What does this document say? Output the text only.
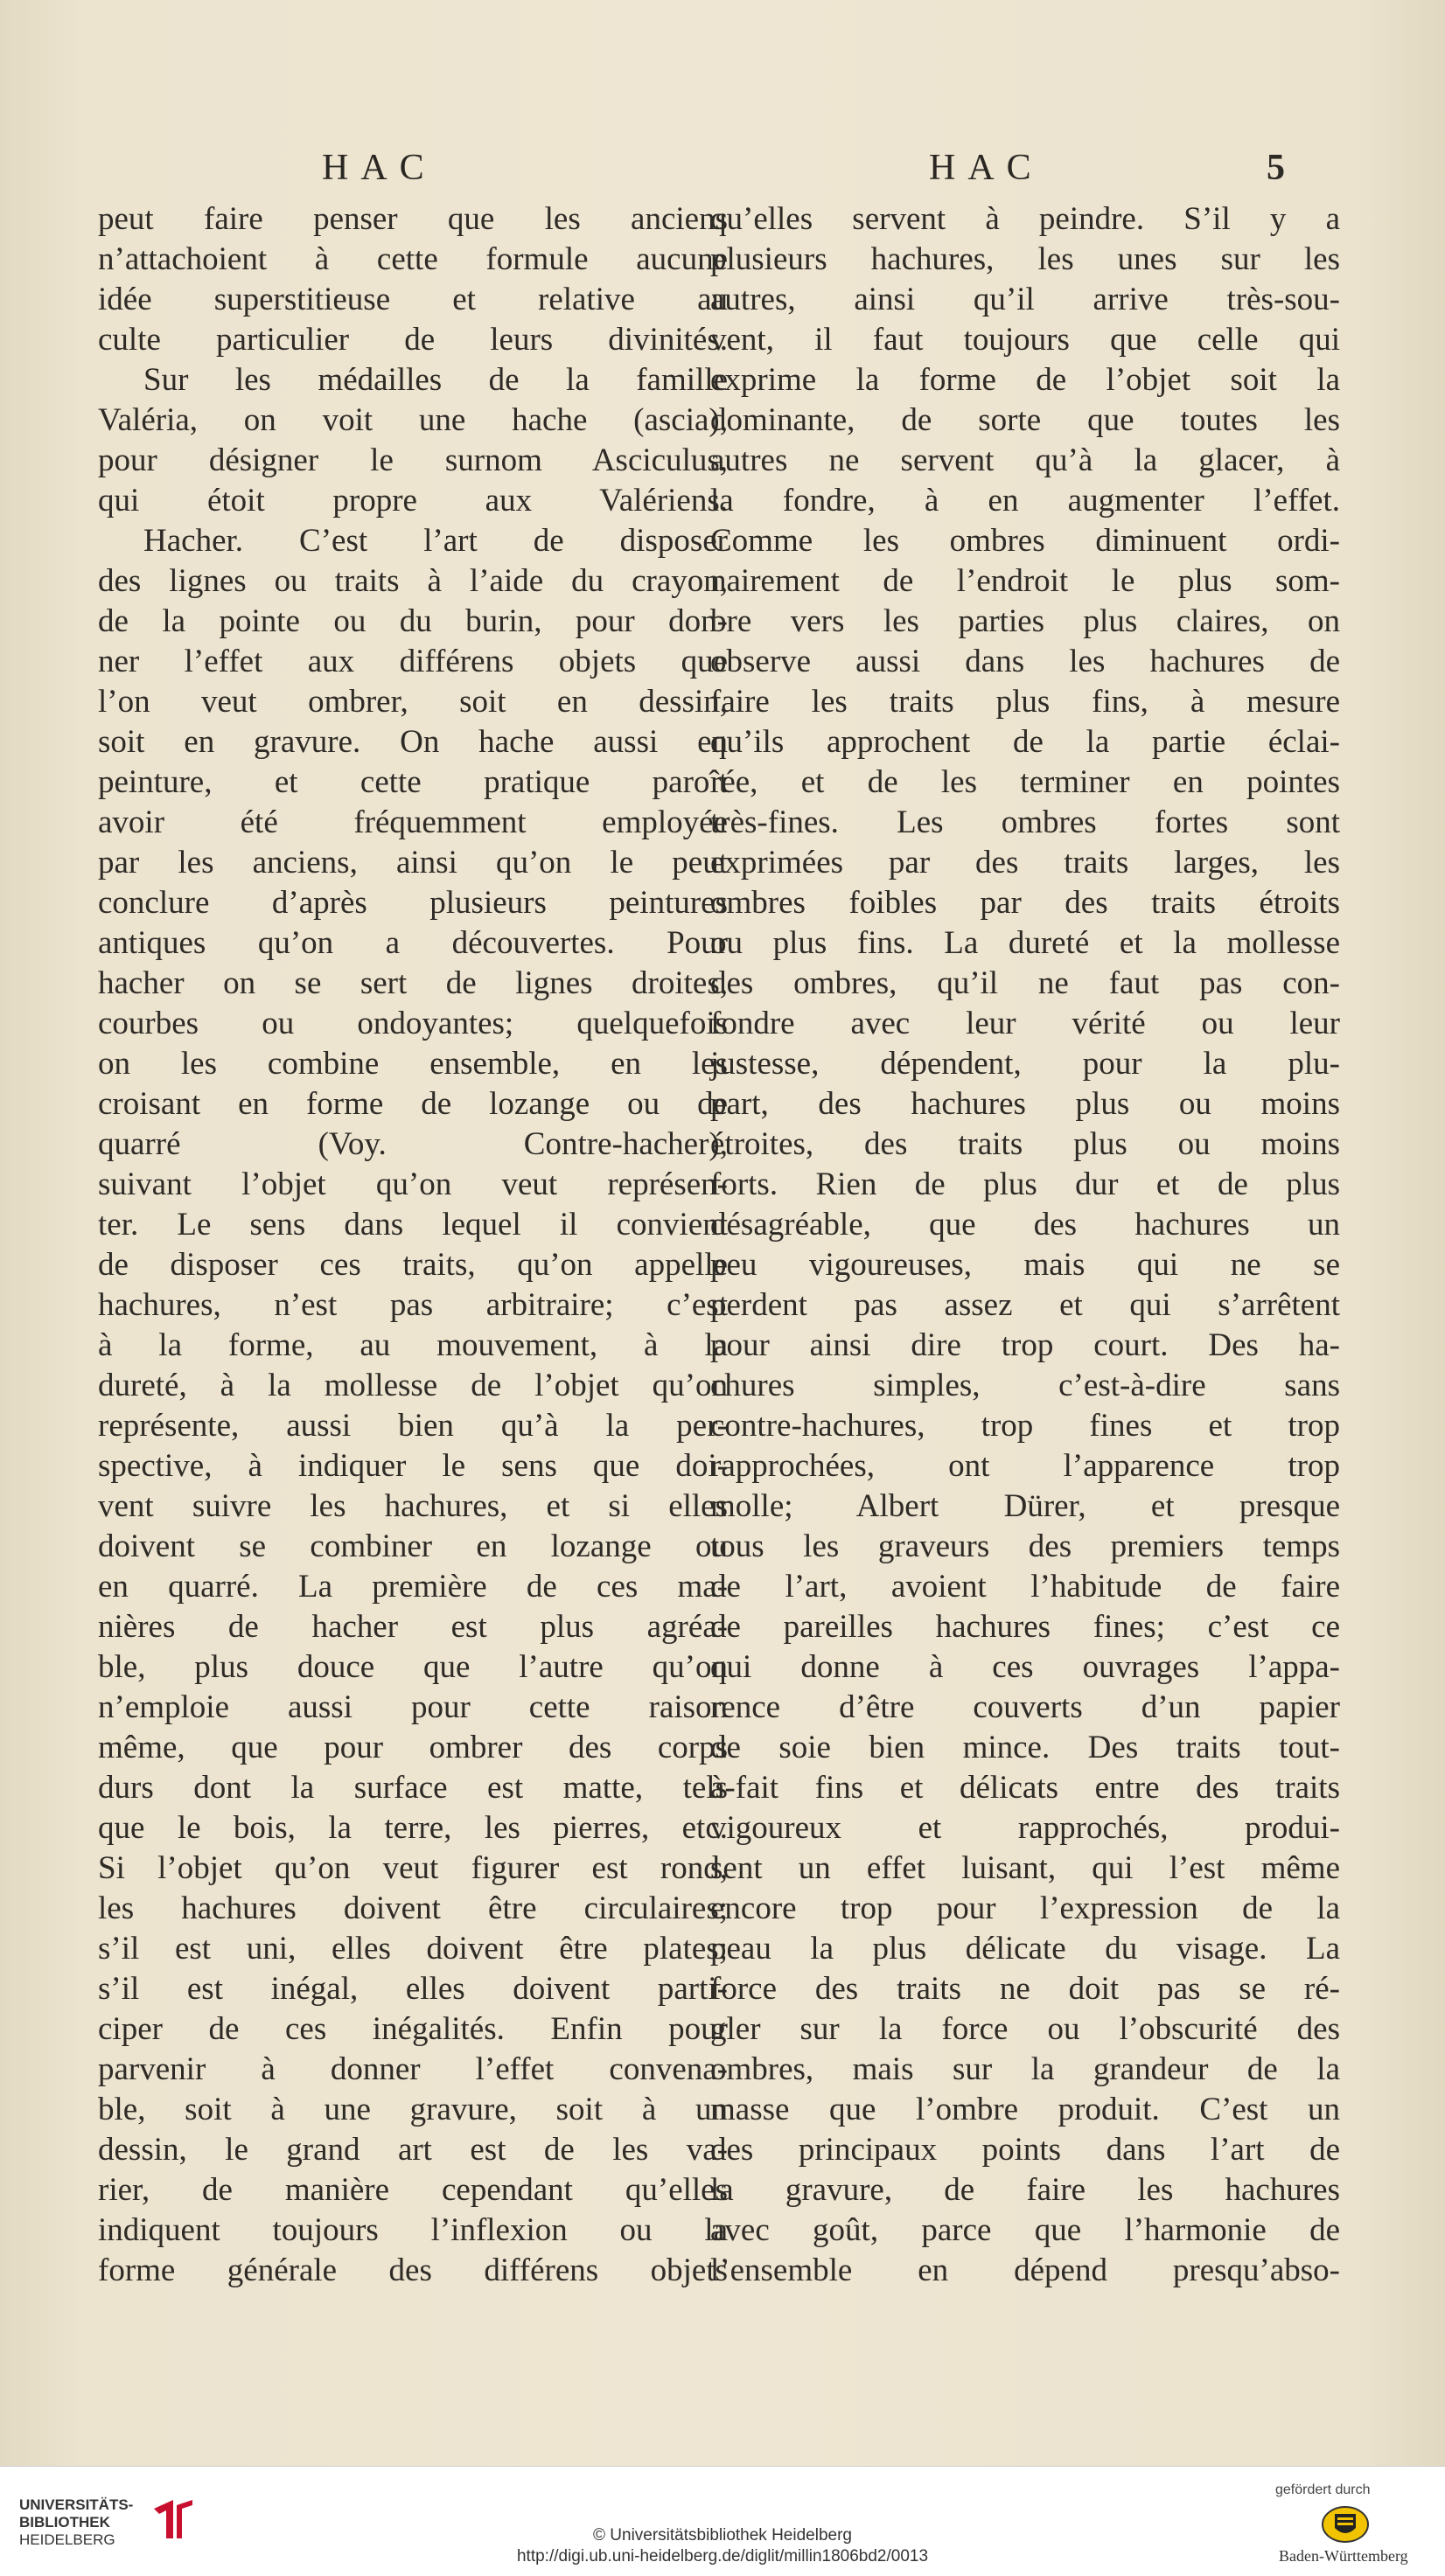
HAC	HAC	5

peut faire penser que les anciens

n’attachoient à cette formule aucune

idée superstitieuse et relative au

culte particulier de leurs divinités.

Sur les médailles de la famille

Valéria, on voit une hache (ascia),

pour désigner le surnom Asciculus,

qui étoit propre aux Valériens.

Hacher. C’est l’art de disposer

des lignes ou traits à l’aide du crayon,

de la pointe ou du burin, pour don-

ner l’effet aux différens objets que

l’on veut ombrer, soit en dessin,

soit en gravure. On hache aussi en

peinture, et cette pratique paroît

avoir été fréquemment employée

par les anciens, ainsi qu’on le peut

conclure d’après plusieurs peintures

antiques qu’on a découvertes. Pour

hacher on se sert de lignes droites,

courbes ou ondoyantes; quelquefois

on les combine ensemble, en les

croisant en forme de lozange ou de

quarré (Voy. Contre-hacher),

suivant l’objet qu’on veut représen-

ter. Le sens dans lequel il convient

de disposer ces traits, qu’on appelle

hachures, n’est pas arbitraire; c’est

à la forme, au mouvement, à la

dureté, à la mollesse de l’objet qu’on

représente, aussi bien qu’à la per-

spective, à indiquer le sens que doi-

vent suivre les hachures, et si elles

doivent se combiner en lozange ou

en quarré. La première de ces ma-

nières de hacher est plus agréa-

ble, plus douce que l’autre qu’on

n’emploie aussi pour cette raison

même, que pour ombrer des corps

durs dont la surface est matte, tels

que le bois, la terre, les pierres, etc.

Si l’objet qu’on veut figurer est rond,

les hachures doivent être circulaires;

s’il est uni, elles doivent être plates;

s’il est inégal, elles doivent parti-

ciper de ces inégalités. Enfin pour

parvenir à donner l’effet convena-

ble, soit à une gravure, soit à un

dessin, le grand art est de les va-

rier, de manière cependant qu’elles

indiquent toujours l’inflexion ou la

forme générale des différens objets

qu’elles servent à peindre. S’il y a

plusieurs hachures, les unes sur les

autres, ainsi qu’il arrive très-sou-

vent, il faut toujours que celle qui

exprime la forme de l’objet soit la

dominante, de sorte que toutes les

autres ne servent qu’à la glacer, à

la fondre, à en augmenter l’effet.

Comme les ombres diminuent ordi-

nairement de l’endroit le plus som-

bre vers les parties plus claires, on

observe aussi dans les hachures de

faire les traits plus fins, à mesure

qu’ils approchent de la partie éclai-

rée, et de les terminer en pointes

très-fines. Les ombres fortes sont

exprimées par des traits larges, les

ombres foibles par des traits étroits

ou plus fins. La dureté et la mollesse

des ombres, qu’il ne faut pas con-

fondre avec leur vérité ou leur

justesse, dépendent, pour la plu-

part, des hachures plus ou moins

étroites, des traits plus ou moins

forts. Rien de plus dur et de plus

désagréable, que des hachures un

peu vigoureuses, mais qui ne se

perdent pas assez et qui s’arrêtent

pour ainsi dire trop court. Des ha-

chures simples, c’est-à-dire sans

contre-hachures, trop fines et trop

rapprochées, ont l’apparence trop

molle; Albert Dürer, et presque

tous les graveurs des premiers temps

de l’art, avoient l’habitude de faire

de pareilles hachures fines; c’est ce

qui donne à ces ouvrages l’appa-

rence d’être couverts d’un papier

de soie bien mince. Des traits tout-

à-fait fins et délicats entre des traits

vigoureux et rapprochés, produi-

sent un effet luisant, qui l’est même

encore trop pour l’expression de la

peau la plus délicate du visage. La

force des traits ne doit pas se ré-

gler sur la force ou l’obscurité des

ombres, mais sur la grandeur de la

masse que l’ombre produit. C’est un

des principaux points dans l’art de

la gravure, de faire les hachures

avec goût, parce que l’harmonie de

l’ensemble en dépend presqu’abso-

UNIVERSITÄTS-
BIBLIOTHEK
HEIDELBERG	© Universitätsbibliothek Heidelberg
http://digi.ub.uni-heidelberg.de/diglit/millin1806bd2/0013
gefördert durch
Baden-Württemberg
